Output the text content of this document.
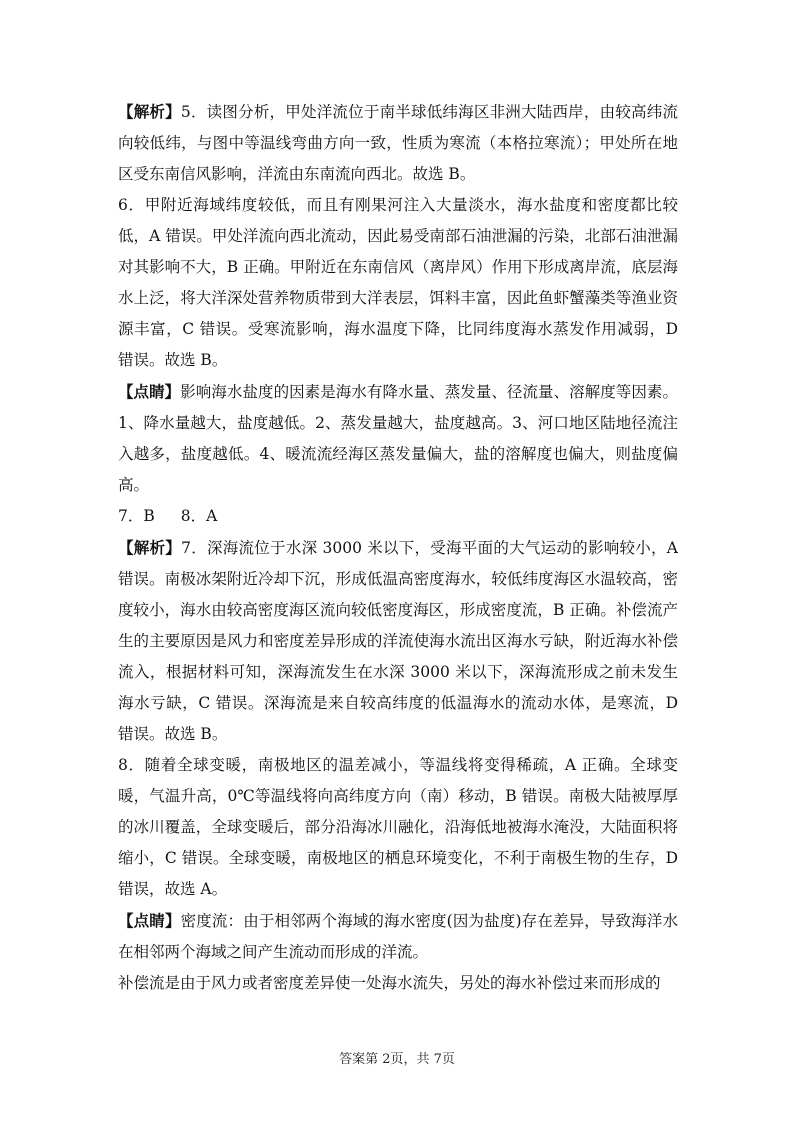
【解析】5．读图分析，甲处洋流位于南半球低纬海区非洲大陆西岸，由较高纬流向较低纬，与图中等温线弯曲方向一致，性质为寒流（本格拉寒流）；甲处所在地区受东南信风影响，洋流由东南流向西北。故选 B。

6．甲附近海域纬度较低，而且有刚果河注入大量淡水，海水盐度和密度都比较低，A 错误。甲处洋流向西北流动，因此易受南部石油泄漏的污染，北部石油泄漏对其影响不大，B 正确。甲附近在东南信风（离岸风）作用下形成离岸流，底层海水上泛，将大洋深处营养物质带到大洋表层，饵料丰富，因此鱼虾蟹藻类等渔业资源丰富，C 错误。受寒流影响，海水温度下降，比同纬度海水蒸发作用减弱，D 错误。故选 B。

【点睛】影响海水盐度的因素是海水有降水量、蒸发量、径流量、溶解度等因素。1、降水量越大，盐度越低。2、蒸发量越大，盐度越高。3、河口地区陆地径流注入越多，盐度越低。4、暖流流经海区蒸发量偏大，盐的溶解度也偏大，则盐度偏高。

7．B 8．A

【解析】7．深海流位于水深 3000 米以下，受海平面的大气运动的影响较小，A 错误。南极冰架附近冷却下沉，形成低温高密度海水，较低纬度海区水温较高，密度较小，海水由较高密度海区流向较低密度海区，形成密度流，B 正确。补偿流产生的主要原因是风力和密度差异形成的洋流使海水流出区海水亏缺，附近海水补偿流入，根据材料可知，深海流发生在水深 3000 米以下，深海流形成之前未发生海水亏缺，C 错误。深海流是来自较高纬度的低温海水的流动水体，是寒流，D 错误。故选 B。

8．随着全球变暖，南极地区的温差减小，等温线将变得稀疏，A 正确。全球变暖，气温升高，0℃等温线将向高纬度方向（南）移动，B 错误。南极大陆被厚厚的冰川覆盖，全球变暖后，部分沿海冰川融化，沿海低地被海水淹没，大陆面积将缩小，C 错误。全球变暖，南极地区的栖息环境变化，不利于南极生物的生存，D 错误，故选 A。

【点睛】密度流：由于相邻两个海域的海水密度(因为盐度)存在差异，导致海洋水在相邻两个海域之间产生流动而形成的洋流。

补偿流是由于风力或者密度差异使一处海水流失，另处的海水补偿过来而形成的

答案第 2页，共 7页
